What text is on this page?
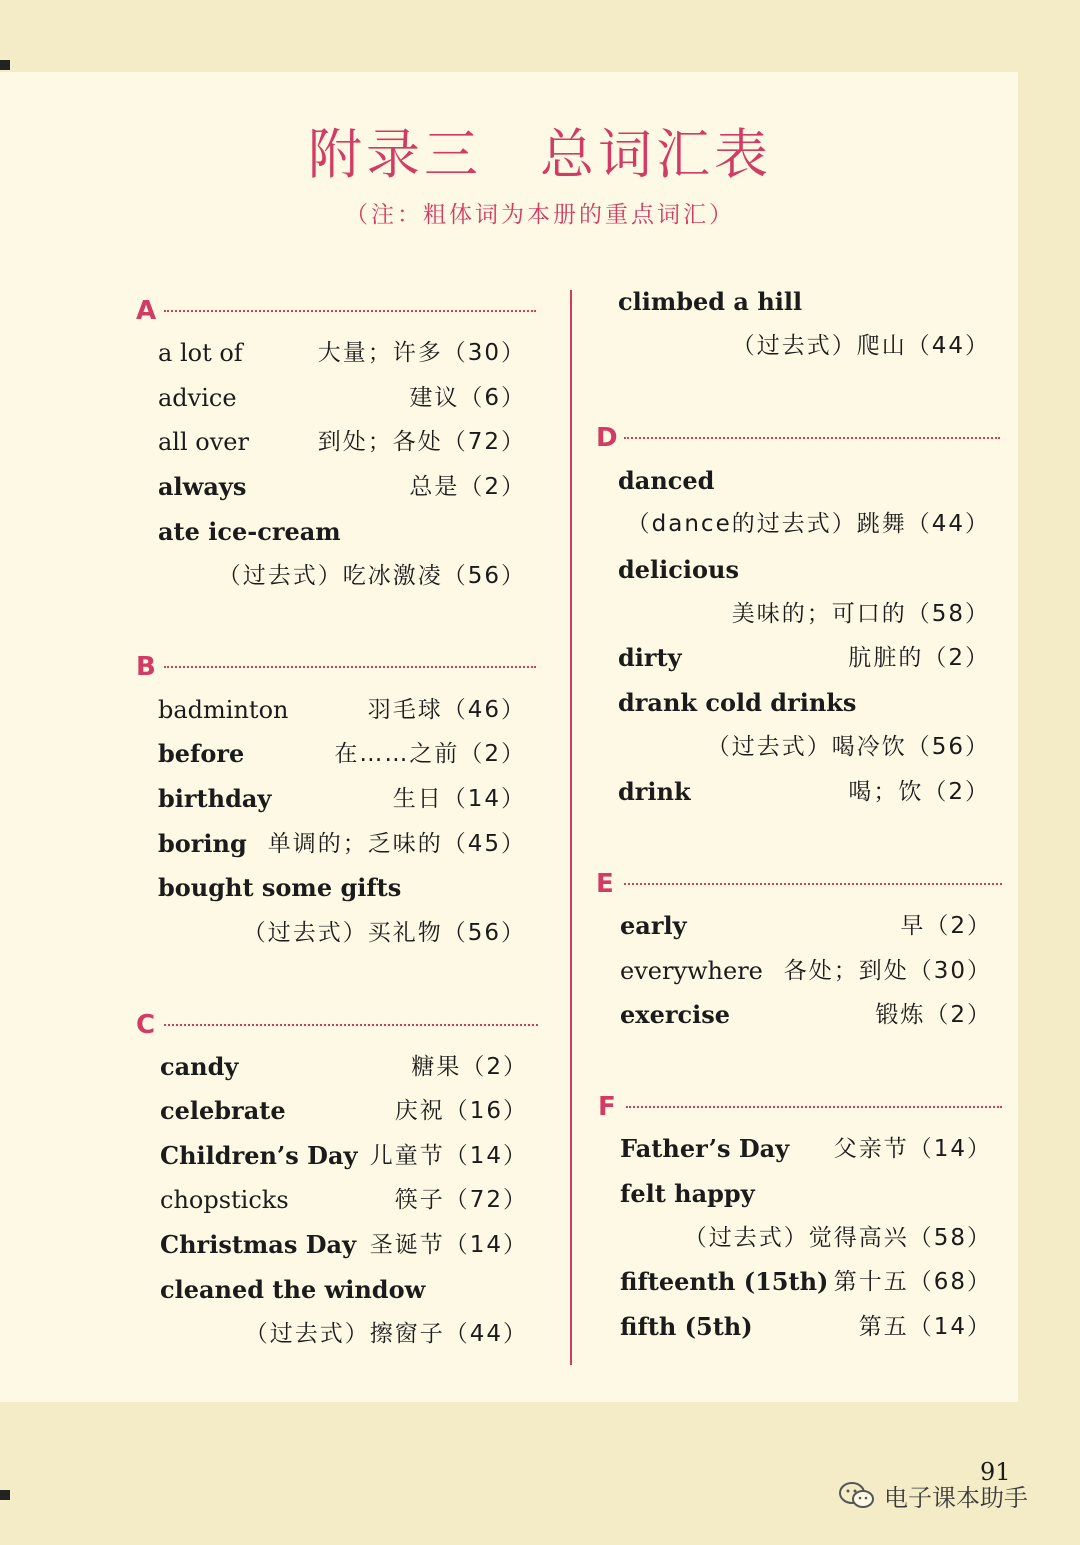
附录三　总词汇表
（注：粗体词为本册的重点词汇）
A
a lot of	大量；许多（30）
advice	建议（6）
all over	到处；各处（72）
always	总是（2）
ate ice-cream
（过去式）吃冰激凌（56）
B
badminton	羽毛球（46）
before	在……之前（2）
birthday	生日（14）
boring 单调的；乏味的（45）
bought some gifts
（过去式）买礼物（56）
C
candy	糖果（2）
celebrate	庆祝（16）
Children’s Day 儿童节（14）
chopsticks	筷子（72）
Christmas Day 圣诞节（14）
cleaned the window
（过去式）擦窗子（44）
climbed a hill
（过去式）爬山（44）
D
danced
（dance的过去式）跳舞（44）
delicious
美味的；可口的（58）
dirty	肮脏的（2）
drank cold drinks
（过去式）喝冷饮（56）
drink	喝；饮（2）
E
early	早（2）
everywhere 各处；到处（30）
exercise	锻炼（2）
F
Father’s Day 父亲节（14）
felt happy
（过去式）觉得高兴（58）
fifteenth (15th) 第十五（68）
fifth (5th)	第五（14）
91
电子课本助手
